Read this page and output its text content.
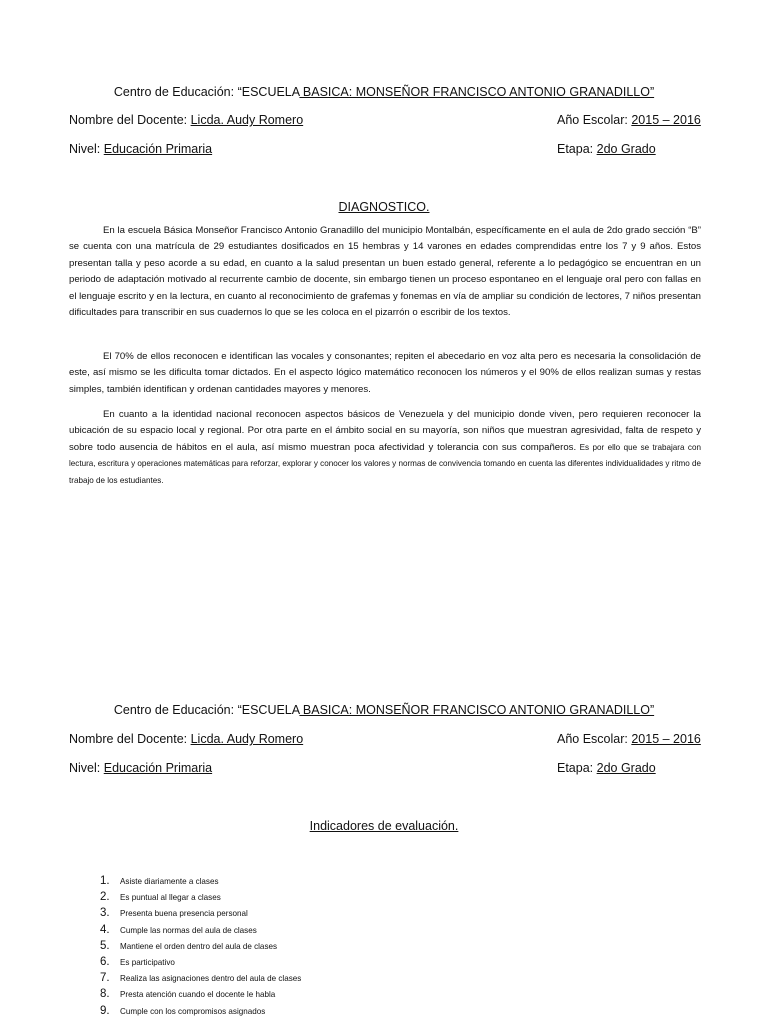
Centro de Educación: “ESCUELA BASICA: MONSEÑOR FRANCISCO ANTONIO GRANADILLO”
Nombre del Docente: Licda. Audy Romero	Año Escolar: 2015 – 2016
Nivel: Educación Primaria	Etapa: 2do Grado
DIAGNOSTICO.

En la escuela Básica Monseñor Francisco Antonio Granadillo del municipio Montalbán, específicamente en el aula de 2do grado sección “B” se cuenta con una matrícula de 29 estudiantes dosificados en 15 hembras y 14 varones en edades comprendidas entre los 7 y 9 años. Estos presentan talla y peso acorde a su edad, en cuanto a la salud presentan un buen estado general, referente a lo pedagógico se encuentran en un periodo de adaptación motivado al recurrente cambio de docente, sin embargo tienen un proceso espontaneo en el lenguaje oral pero con fallas en el lenguaje escrito y en la lectura, en cuanto al reconocimiento de grafemas y fonemas en vía de ampliar su condición de lectores, 7 niños presentan dificultades para transcribir en sus cuadernos lo que se les coloca en el pizarrón o escribir de los textos.

El 70% de ellos reconocen e identifican las vocales y consonantes; repiten el abecedario en voz alta pero es necesaria la consolidación de este, así mismo se les dificulta tomar dictados. En el aspecto lógico matemático reconocen los números y el 90% de ellos realizan sumas y restas simples, también identifican y ordenan cantidades mayores y menores.

En cuanto a la identidad nacional reconocen aspectos básicos de Venezuela y del municipio donde viven, pero requieren reconocer la ubicación de su espacio local y regional. Por otra parte en el ámbito social en su mayoría, son niños que muestran agresividad, falta de respeto y sobre todo ausencia de hábitos en el aula, así mismo muestran poca afectividad y tolerancia con sus compañeros. Es por ello que se trabajara con lectura, escritura y operaciones matemáticas para reforzar, explorar y conocer los valores y normas de convivencia tomando en cuenta las diferentes individualidades y ritmo de trabajo de los estudiantes.

Centro de Educación: “ESCUELA BASICA: MONSEÑOR FRANCISCO ANTONIO GRANADILLO”
Nombre del Docente: Licda. Audy Romero	Año Escolar: 2015 – 2016
Nivel: Educación Primaria	Etapa: 2do Grado
Indicadores de evaluación.
1. Asiste diariamente a clases
2. Es puntual al llegar a clases
3. Presenta buena presencia personal
4. Cumple las normas del aula de clases
5. Mantiene el orden dentro del aula de clases
6. Es participativo
7. Realiza las asignaciones dentro del aula de clases
8. Presta atención cuando el docente le habla
9. Cumple con los compromisos asignados
